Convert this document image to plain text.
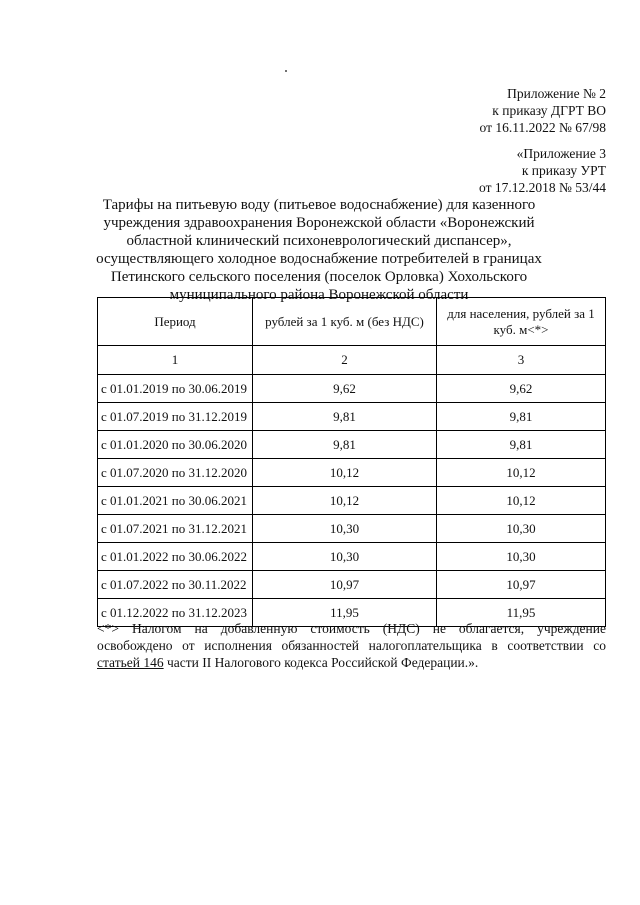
Приложение № 2
к приказу ДГРТ ВО
от 16.11.2022 № 67/98
«Приложение 3
к приказу УРТ
от 17.12.2018 № 53/44
Тарифы на питьевую воду (питьевое водоснабжение) для казенного учреждения здравоохранения Воронежской области «Воронежский областной клинический психоневрологический диспансер», осуществляющего холодное водоснабжение потребителей в границах Петинского сельского поселения (поселок Орловка) Хохольского муниципального района Воронежской области
Период	рублей за 1 куб. м (без НДС)	для населения, рублей за 1 куб. м<*>
1	2	3
с 01.01.2019 по 30.06.2019	9,62	9,62
с 01.07.2019 по 31.12.2019	9,81	9,81
с 01.01.2020 по 30.06.2020	9,81	9,81
с 01.07.2020 по 31.12.2020	10,12	10,12
с 01.01.2021 по 30.06.2021	10,12	10,12
с 01.07.2021 по 31.12.2021	10,30	10,30
с 01.01.2022 по 30.06.2022	10,30	10,30
с 01.07.2022 по 30.11.2022	10,97	10,97
с 01.12.2022 по 31.12.2023	11,95	11,95

<*> Налогом на добавленную стоимость (НДС) не облагается, учреждение освобождено от исполнения обязанностей налогоплательщика в соответствии со статьей 146 части II Налогового кодекса Российской Федерации.».
